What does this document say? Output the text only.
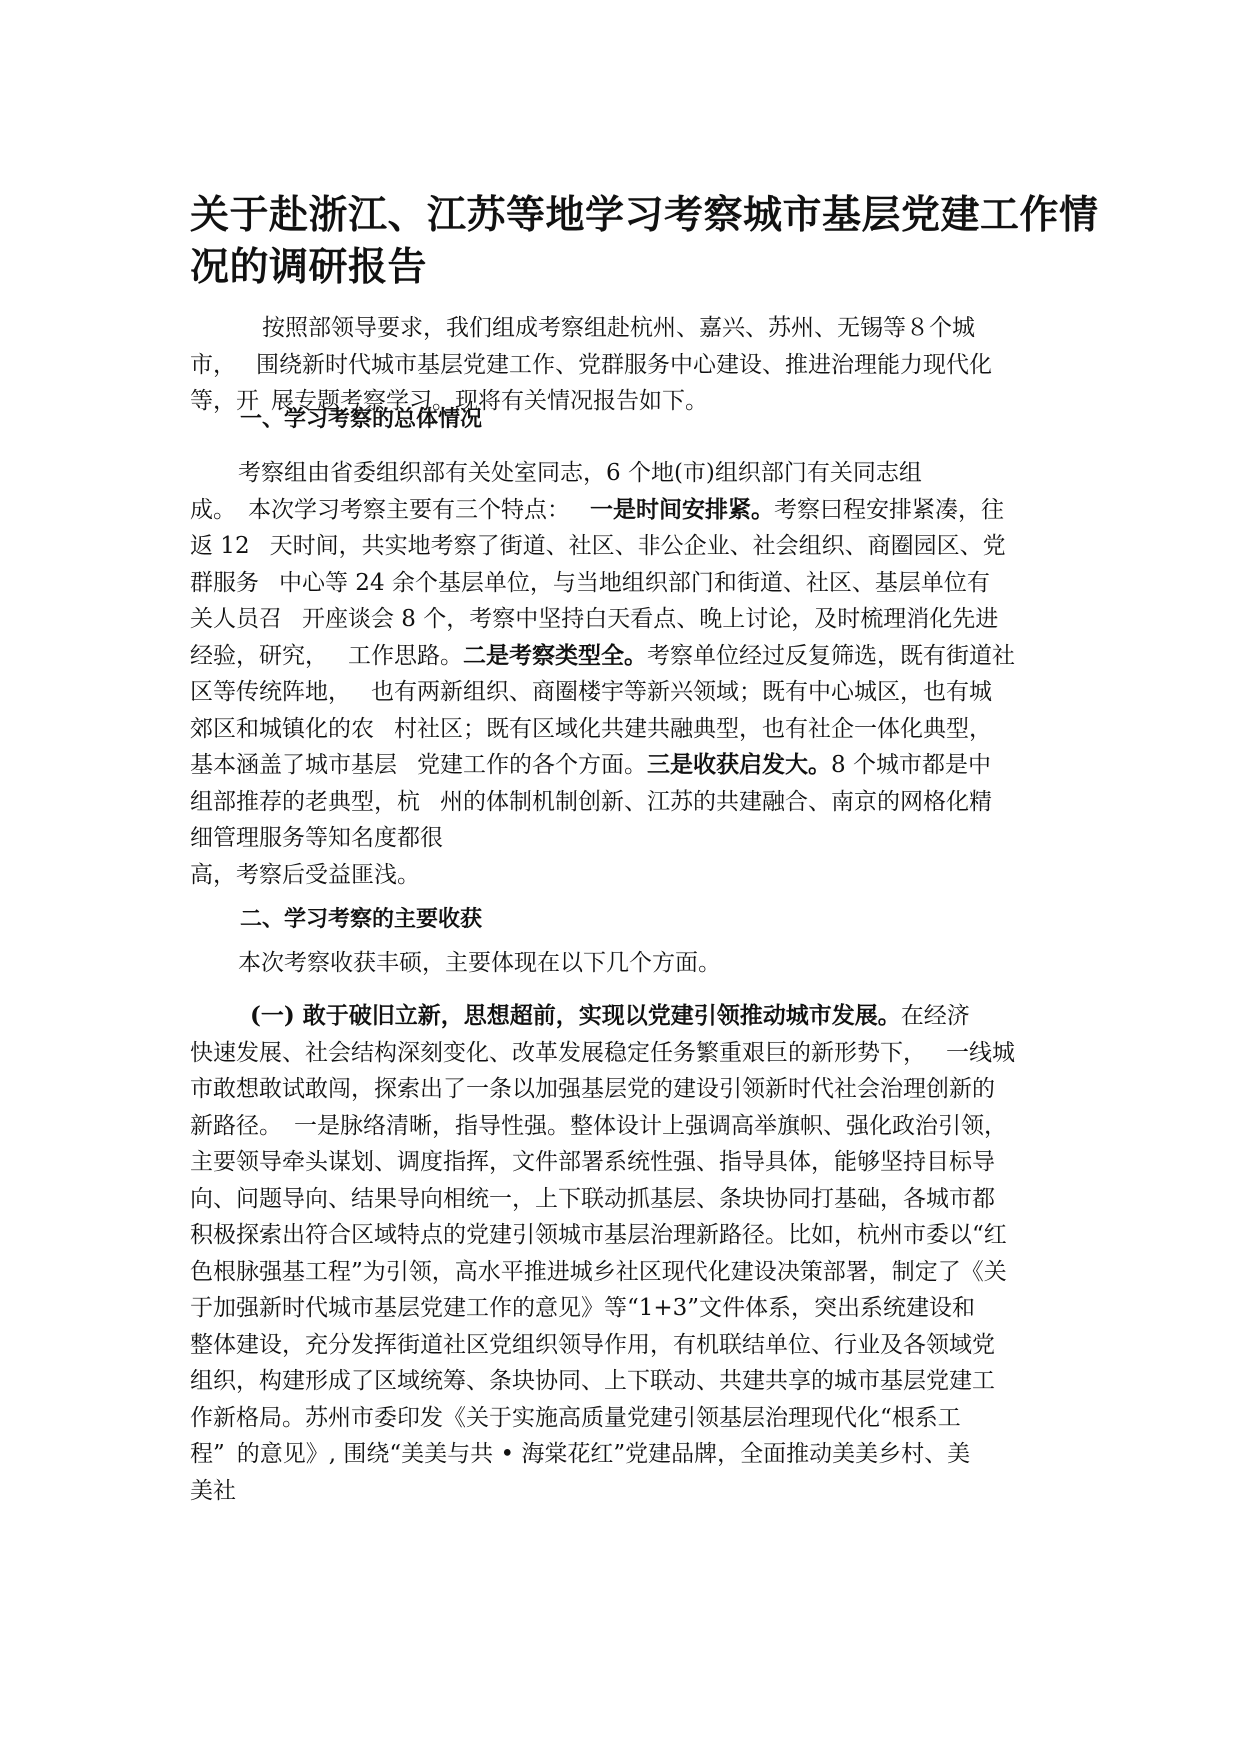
关于赴浙江、江苏等地学习考察城市基层党建工作情
况的调研报告
按照部领导要求，我们组成考察组赴杭州、嘉兴、苏州、无锡等８个城
市， 围绕新时代城市基层党建工作、党群服务中心建设、推进治理能力现代化
等，开 展专题考察学习。现将有关情况报告如下。
一、学习考察的总体情况
考察组由省委组织部有关处室同志，6 个地(市)组织部门有关同志组
成。 本次学习考察主要有三个特点： 一是时间安排紧。考察曰程安排紧凑，往
返 12 天时间，共实地考察了街道、社区、非公企业、社会组织、商圈园区、党
群服务 中心等 24 余个基层单位，与当地组织部门和街道、社区、基层单位有
关人员召 开座谈会 8 个，考察中坚持白天看点、晚上讨论，及时梳理消化先进
经验，研究， 工作思路。二是考察类型全。考察单位经过反复筛选，既有街道社
区等传统阵地， 也有两新组织、商圈楼宇等新兴领域；既有中心城区，也有城
郊区和城镇化的农 村社区；既有区域化共建共融典型，也有社企一体化典型，
基本涵盖了城市基层 党建工作的各个方面。三是收获启发大。8 个城市都是中
组部推荐的老典型，杭 州的体制机制创新、江苏的共建融合、南京的网格化精
细管理服务等知名度都很
高，考察后受益匪浅。
二、学习考察的主要收获
本次考察收获丰硕，主要体现在以下几个方面。
(一) 敢于破旧立新，思想超前，实现以党建引领推动城市发展。在经济
快速发展、社会结构深刻变化、改革发展稳定任务繁重艰巨的新形势下， 一线城
市敢想敢试敢闯，探索出了一条以加强基层党的建设引领新时代社会治理创新的
新路径。 一是脉络清晰，指导性强。整体设计上强调高举旗帜、强化政治引领，
主要领导牵头谋划、调度指挥，文件部署系统性强、指导具体，能够坚持目标导
向、问题导向、结果导向相统一，上下联动抓基层、条块协同打基础，各城市都
积极探索出符合区域特点的党建引领城市基层治理新路径。比如，杭州市委以“红
色根脉强基工程”为引领，高水平推进城乡社区现代化建设决策部署，制定了《关
于加强新时代城市基层党建工作的意见》等“1+3”文件体系，突出系统建设和
整体建设，充分发挥街道社区党组织领导作用，有机联结单位、行业及各领域党
组织，构建形成了区域统筹、条块协同、上下联动、共建共享的城市基层党建工
作新格局。苏州市委印发《关于实施高质量党建引领基层治理现代化“根系工
程” 的意见》, 围绕“美美与共 • 海棠花红”党建品牌，全面推动美美乡村、美
美社
